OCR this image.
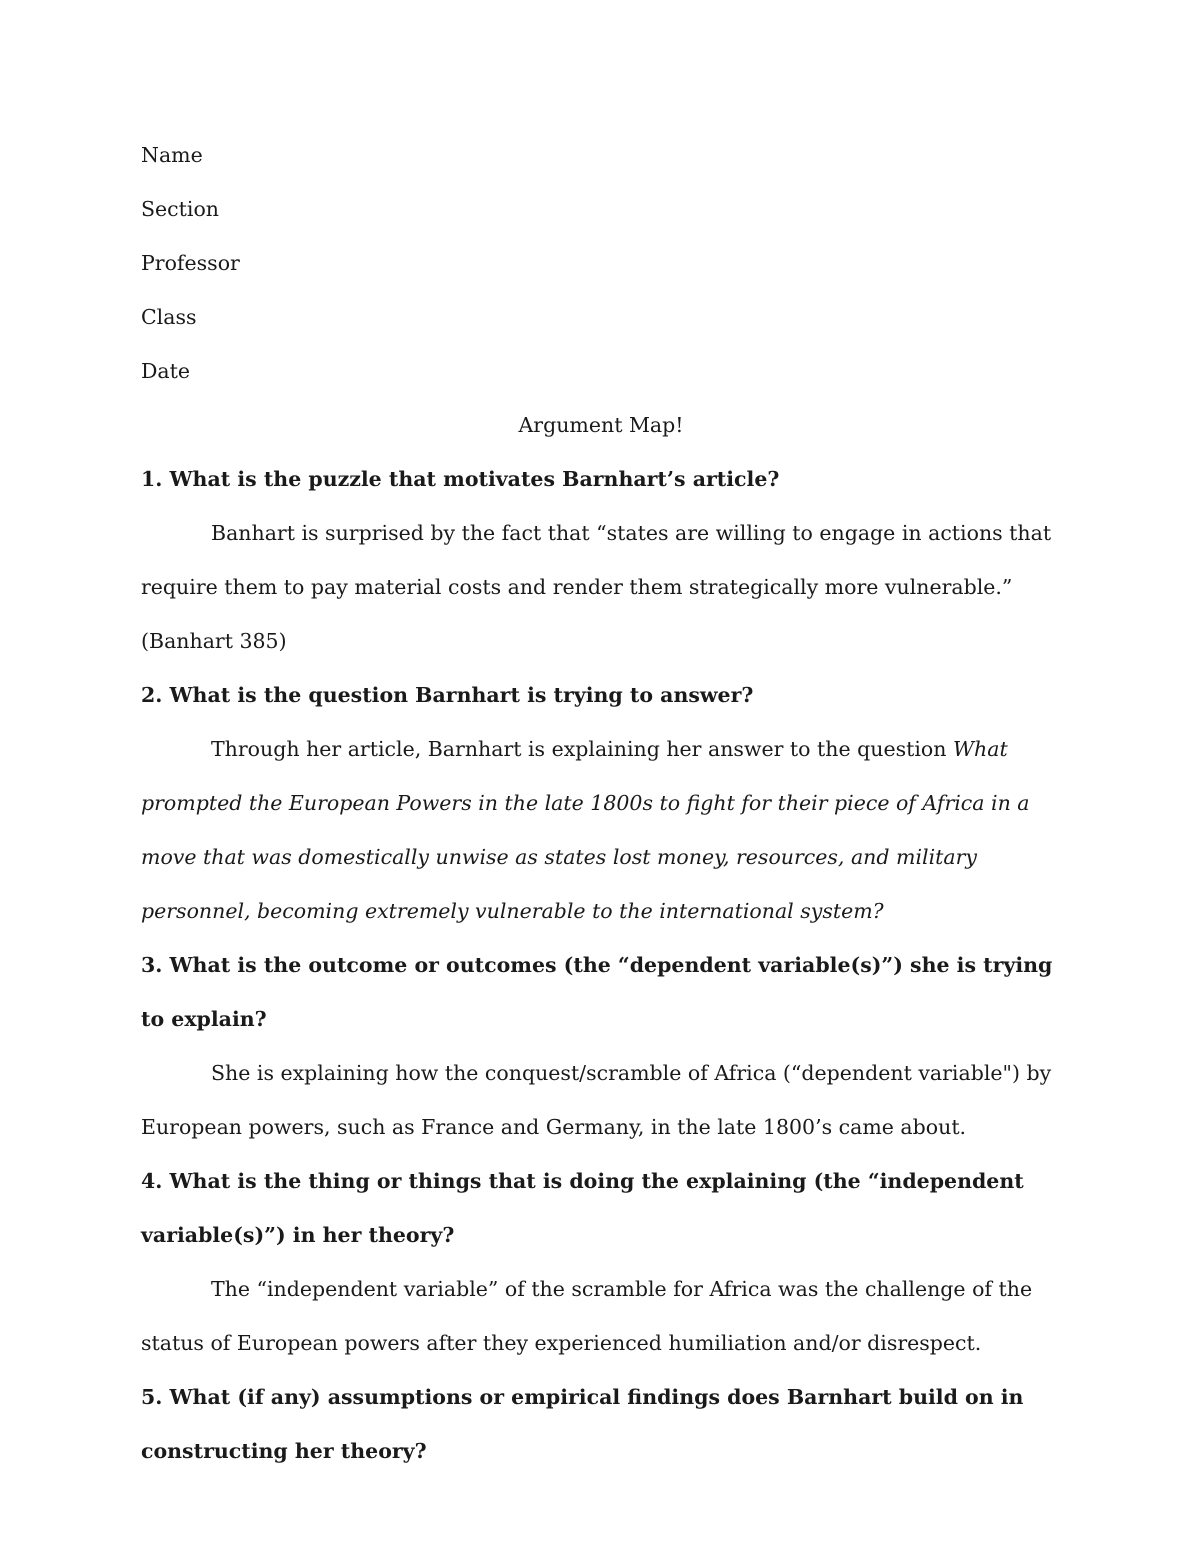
Name

Section

Professor

Class

Date

Argument Map!

1. What is the puzzle that motivates Barnhart’s article?

Banhart is surprised by the fact that “states are willing to engage in actions that require them to pay material costs and render them strategically more vulnerable.” (Banhart 385)

2. What is the question Barnhart is trying to answer?

Through her article, Barnhart is explaining her answer to the question What prompted the European Powers in the late 1800s to fight for their piece of Africa in a move that was domestically unwise as states lost money, resources, and military personnel, becoming extremely vulnerable to the international system?

3. What is the outcome or outcomes (the “dependent variable(s)”) she is trying to explain?

She is explaining how the conquest/scramble of Africa (“dependent variable") by European powers, such as France and Germany, in the late 1800’s came about.

4. What is the thing or things that is doing the explaining (the “independent variable(s)”) in her theory?

The “independent variable” of the scramble for Africa was the challenge of the status of European powers after they experienced humiliation and/or disrespect.

5. What (if any) assumptions or empirical findings does Barnhart build on in constructing her theory?
